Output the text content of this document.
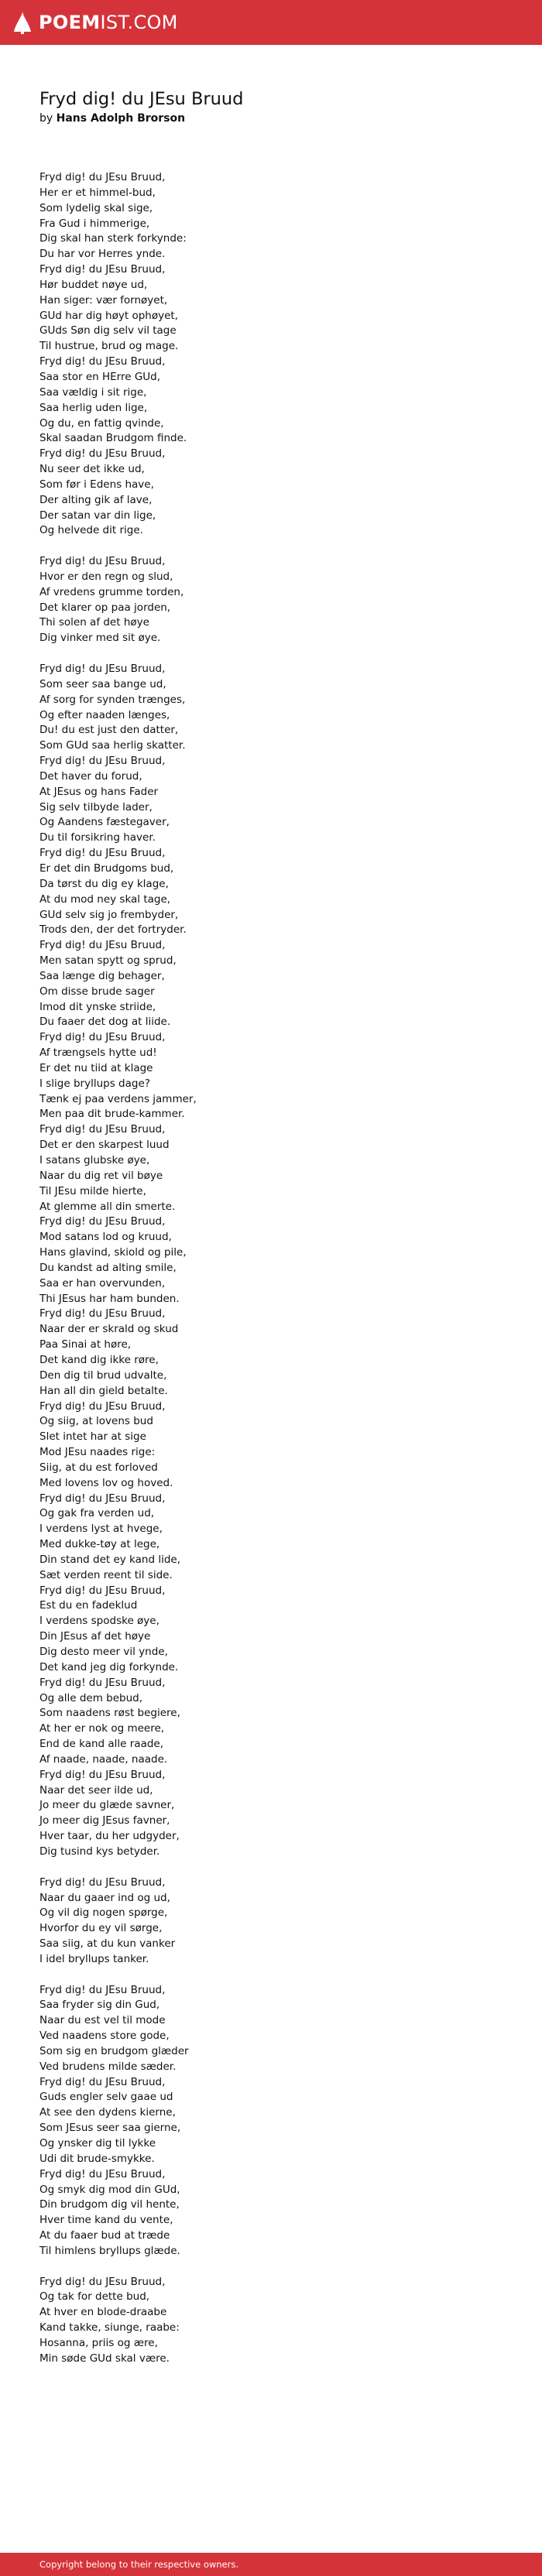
POEMIST.COM
Fryd dig! du JEsu Bruud
by Hans Adolph Brorson
Fryd dig! du JEsu Bruud,
Her er et himmel-bud,
Som lydelig skal sige,
Fra Gud i himmerige,
Dig skal han sterk forkynde:
Du har vor Herres ynde.
Fryd dig! du JEsu Bruud,
Hør buddet nøye ud,
Han siger: vær fornøyet,
GUd har dig høyt ophøyet,
GUds Søn dig selv vil tage
Til hustrue, brud og mage.
Fryd dig! du JEsu Bruud,
Saa stor en HErre GUd,
Saa vældig i sit rige,
Saa herlig uden lige,
Og du, en fattig qvinde,
Skal saadan Brudgom finde.
Fryd dig! du JEsu Bruud,
Nu seer det ikke ud,
Som før i Edens have,
Der alting gik af lave,
Der satan var din lige,
Og helvede dit rige.
Fryd dig! du JEsu Bruud,
Hvor er den regn og slud,
Af vredens grumme torden,
Det klarer op paa jorden,
Thi solen af det høye
Dig vinker med sit øye.
Fryd dig! du JEsu Bruud,
Som seer saa bange ud,
Af sorg for synden trænges,
Og efter naaden længes,
Du! du est just den datter,
Som GUd saa herlig skatter.
Fryd dig! du JEsu Bruud,
Det haver du forud,
At JEsus og hans Fader
Sig selv tilbyde lader,
Og Aandens fæstegaver,
Du til forsikring haver.
Fryd dig! du JEsu Bruud,
Er det din Brudgoms bud,
Da tørst du dig ey klage,
At du mod ney skal tage,
GUd selv sig jo frembyder,
Trods den, der det fortryder.
Fryd dig! du JEsu Bruud,
Men satan spytt og sprud,
Saa længe dig behager,
Om disse brude sager
Imod dit ynske striide,
Du faaer det dog at liide.
Fryd dig! du JEsu Bruud,
Af trængsels hytte ud!
Er det nu tiid at klage
I slige bryllups dage?
Tænk ej paa verdens jammer,
Men paa dit brude-kammer.
Fryd dig! du JEsu Bruud,
Det er den skarpest luud
I satans glubske øye,
Naar du dig ret vil bøye
Til JEsu milde hierte,
At glemme all din smerte.
Fryd dig! du JEsu Bruud,
Mod satans lod og kruud,
Hans glavind, skiold og pile,
Du kandst ad alting smile,
Saa er han overvunden,
Thi JEsus har ham bunden.
Fryd dig! du JEsu Bruud,
Naar der er skrald og skud
Paa Sinai at høre,
Det kand dig ikke røre,
Den dig til brud udvalte,
Han all din gield betalte.
Fryd dig! du JEsu Bruud,
Og siig, at lovens bud
Slet intet har at sige
Mod JEsu naades rige:
Siig, at du est forloved
Med lovens lov og hoved.
Fryd dig! du JEsu Bruud,
Og gak fra verden ud,
I verdens lyst at hvege,
Med dukke-tøy at lege,
Din stand det ey kand lide,
Sæt verden reent til side.
Fryd dig! du JEsu Bruud,
Est du en fadeklud
I verdens spodske øye,
Din JEsus af det høye
Dig desto meer vil ynde,
Det kand jeg dig forkynde.
Fryd dig! du JEsu Bruud,
Og alle dem bebud,
Som naadens røst begiere,
At her er nok og meere,
End de kand alle raade,
Af naade, naade, naade.
Fryd dig! du JEsu Bruud,
Naar det seer ilde ud,
Jo meer du glæde savner,
Jo meer dig JEsus favner,
Hver taar, du her udgyder,
Dig tusind kys betyder.
Fryd dig! du JEsu Bruud,
Naar du gaaer ind og ud,
Og vil dig nogen spørge,
Hvorfor du ey vil sørge,
Saa siig, at du kun vanker
I idel bryllups tanker.
Fryd dig! du JEsu Bruud,
Saa fryder sig din Gud,
Naar du est vel til mode
Ved naadens store gode,
Som sig en brudgom glæder
Ved brudens milde sæder.
Fryd dig! du JEsu Bruud,
Guds engler selv gaae ud
At see den dydens kierne,
Som JEsus seer saa gierne,
Og ynsker dig til lykke
Udi dit brude-smykke.
Fryd dig! du JEsu Bruud,
Og smyk dig mod din GUd,
Din brudgom dig vil hente,
Hver time kand du vente,
At du faaer bud at træde
Til himlens bryllups glæde.
Fryd dig! du JEsu Bruud,
Og tak for dette bud,
At hver en blode-draabe
Kand takke, siunge, raabe:
Hosanna, priis og ære,
Min søde GUd skal være.
Copyright belong to their respective owners.
